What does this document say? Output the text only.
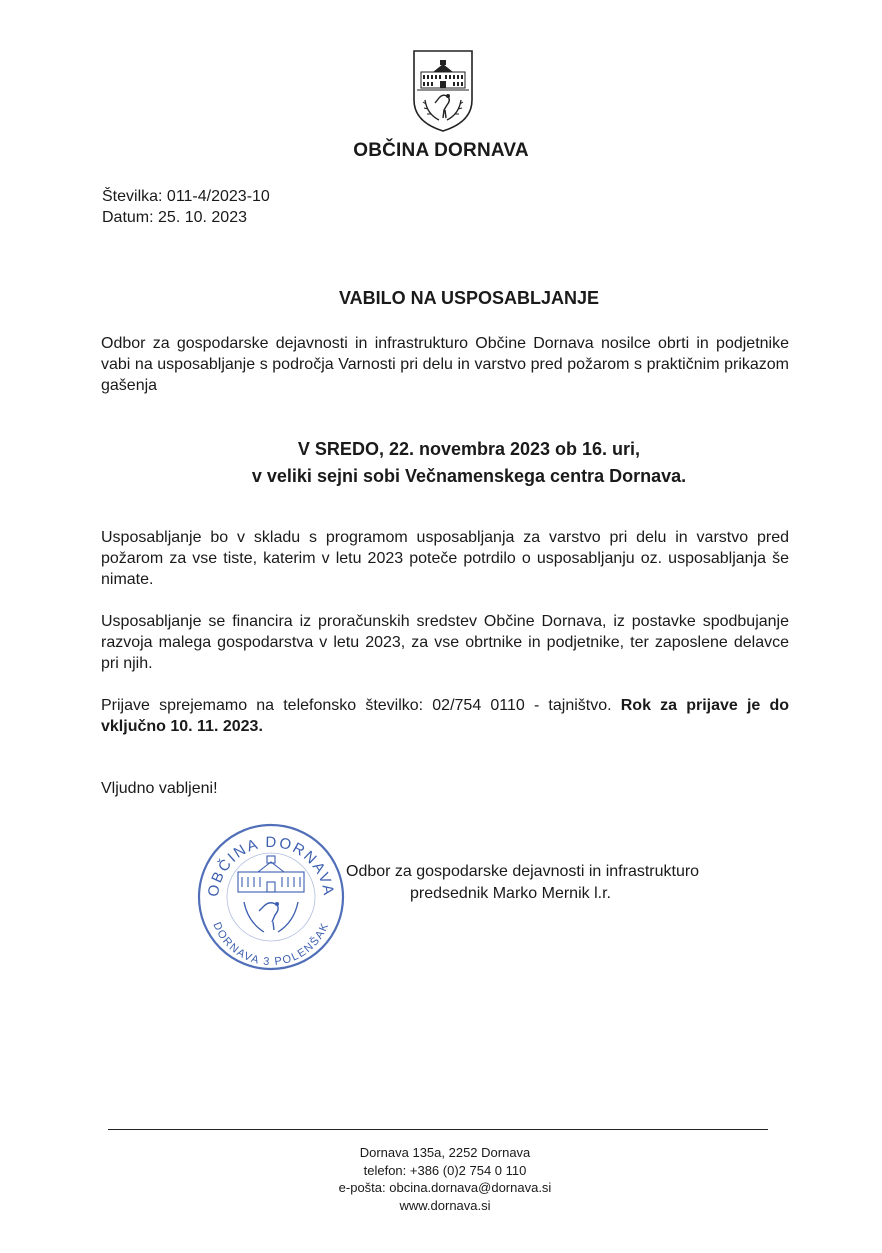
OBČINA DORNAVA
Številka: 011-4/2023-10
Datum: 25. 10. 2023
VABILO NA USPOSABLJANJE
Odbor za gospodarske dejavnosti in infrastrukturo Občine Dornava nosilce obrti in podjetnike vabi na usposabljanje s področja Varnosti pri delu in varstvo pred požarom s praktičnim prikazom gašenja
V SREDO, 22. novembra 2023 ob 16. uri,
v veliki sejni sobi Večnamenskega centra Dornava.
Usposabljanje bo v skladu s programom usposabljanja za varstvo pri delu in varstvo pred požarom za vse tiste, katerim v letu 2023 poteče potrdilo o usposabljanju oz. usposabljanja še nimate.
Usposabljanje se financira iz proračunskih sredstev Občine Dornava, iz postavke spodbujanje razvoja malega gospodarstva v letu 2023, za vse obrtnike in podjetnike, ter zaposlene delavce pri njih.
Prijave sprejemamo na telefonsko številko: 02/754 0110 - tajništvo. Rok za prijave je do vključno 10. 11. 2023.
Vljudno vabljeni!
OBČINA DORNAVA
DORNAVA 3 POLENŠAK
Odbor za gospodarske dejavnosti in infrastrukturo
predsednik Marko Mernik l.r.
Dornava 135a, 2252 Dornava
telefon: +386 (0)2 754 0 110
e-pošta: obcina.dornava@dornava.si
www.dornava.si
